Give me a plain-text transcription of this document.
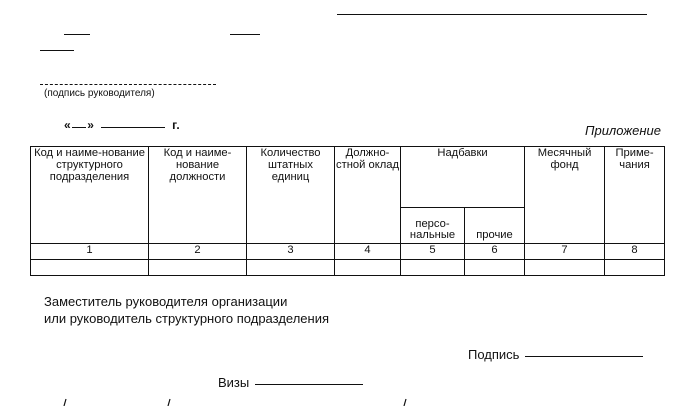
(подпись руководителя)
« »	г.	Приложение
Код и наиме-нование структурного подразделения	Код и наиме-нование должности	Количество штатных единиц	Должно-стной оклад	Надбавки		Месячный фонд	Приме-чания
				персо-нальные	прочие		
1	2	3	4	5	6	7	8

Заместитель руководителя организации
или руководитель структурного подразделения
Подпись
Визы
